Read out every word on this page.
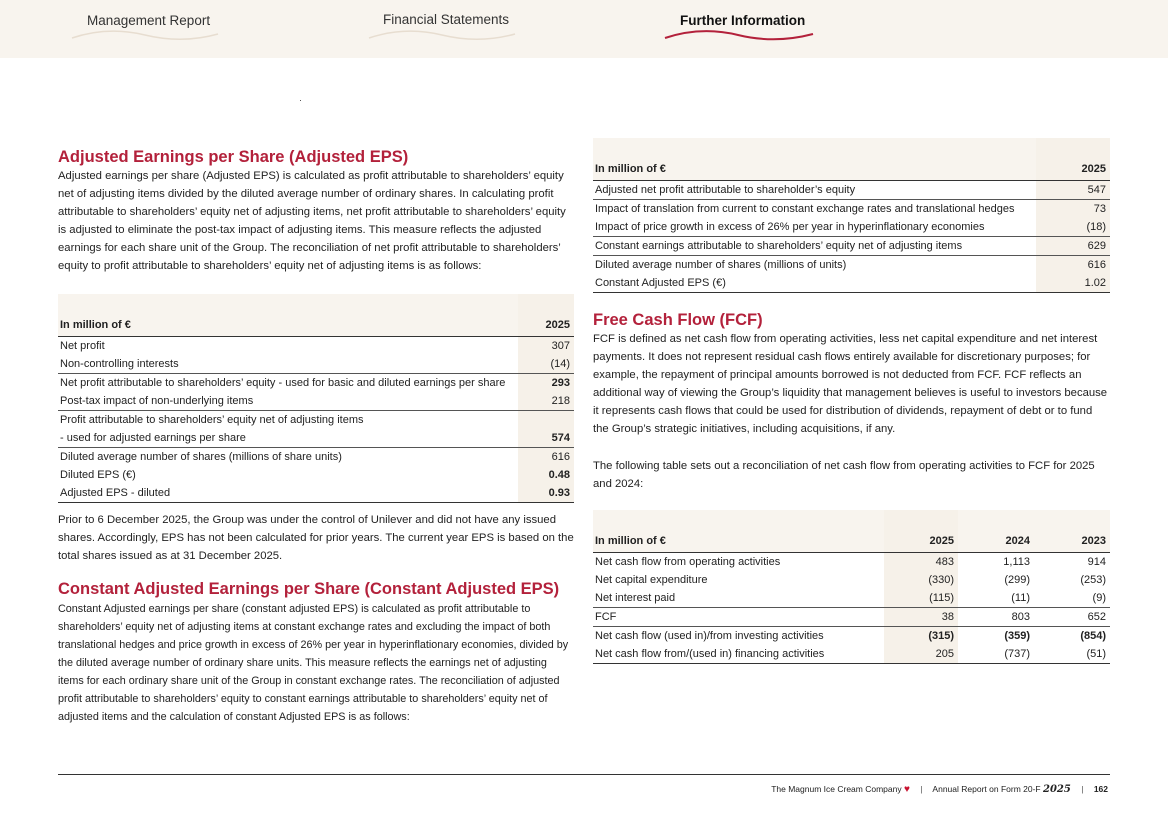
Management Report	Financial Statements	Further Information
Adjusted Earnings per Share (Adjusted EPS)

Adjusted earnings per share (Adjusted EPS) is calculated as profit attributable to shareholders’ equity net of adjusting items divided by the diluted average number of ordinary shares. In calculating profit attributable to shareholders’ equity net of adjusting items, net profit attributable to shareholders’ equity is adjusted to eliminate the post-tax impact of adjusting items. This measure reflects the adjusted earnings for each share unit of the Group. The reconciliation of net profit attributable to shareholders’ equity to profit attributable to shareholders’ equity net of adjusting items is as follows:

In million of €	2025
Net profit	307
Non-controlling interests	(14)
Net profit attributable to shareholders’ equity - used for basic and diluted earnings per share	293
Post-tax impact of non-underlying items	218
Profit attributable to shareholders’ equity net of adjusting items	
- used for adjusted earnings per share	574
Diluted average number of shares (millions of share units)	616
Diluted EPS (€)	0.48
Adjusted EPS - diluted	0.93

Prior to 6 December 2025, the Group was under the control of Unilever and did not have any issued shares. Accordingly, EPS has not been calculated for prior years. The current year EPS is based on the total shares issued as at 31 December 2025.

Constant Adjusted Earnings per Share (Constant Adjusted EPS)

Constant Adjusted earnings per share (constant adjusted EPS) is calculated as profit attributable to shareholders’ equity net of adjusting items at constant exchange rates and excluding the impact of both translational hedges and price growth in excess of 26% per year in hyperinflationary economies, divided by the diluted average number of ordinary share units. This measure reflects the earnings net of adjusting items for each ordinary share unit of the Group in constant exchange rates. The reconciliation of adjusted profit attributable to shareholders’ equity to constant earnings attributable to shareholders’ equity net of adjusted items and the calculation of constant Adjusted EPS is as follows:

In million of €	2025
Adjusted net profit attributable to shareholder’s equity	547
Impact of translation from current to constant exchange rates and translational hedges	73
Impact of price growth in excess of 26% per year in hyperinflationary economies	(18)
Constant earnings attributable to shareholders’ equity net of adjusting items	629
Diluted average number of shares (millions of units)	616
Constant Adjusted EPS (€)	1.02
Free Cash Flow (FCF)

FCF is defined as net cash flow from operating activities, less net capital expenditure and net interest payments. It does not represent residual cash flows entirely available for discretionary purposes; for example, the repayment of principal amounts borrowed is not deducted from FCF. FCF reflects an additional way of viewing the Group’s liquidity that management believes is useful to investors because it represents cash flows that could be used for distribution of dividends, repayment of debt or to fund the Group’s strategic initiatives, including acquisitions, if any.

The following table sets out a reconciliation of net cash flow from operating activities to FCF for 2025 and 2024:

In million of €	2025	2024	2023
Net cash flow from operating activities	483	1,113	914
Net capital expenditure	(330)	(299)	(253)
Net interest paid	(115)	(11)	(9)
FCF	38	803	652
Net cash flow (used in)/from investing activities	(315)	(359)	(854)
Net cash flow from/(used in) financing activities	205	(737)	(51)
The Magnum Ice Cream Company ♥ | Annual Report on Form 20-F 2025 | 162
